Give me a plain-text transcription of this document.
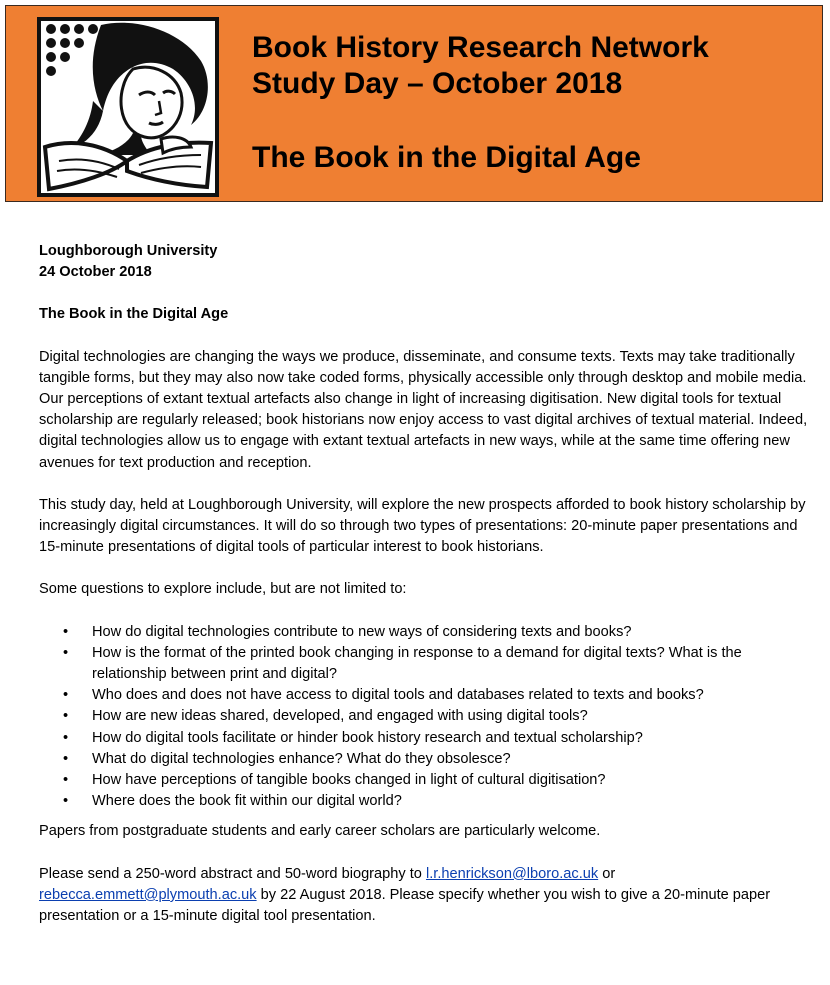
Book History Research Network
Study Day – October 2018
The Book in the Digital Age

Loughborough University
24 October 2018

The Book in the Digital Age

Digital technologies are changing the ways we produce, disseminate, and consume texts. Texts may take traditionally tangible forms, but they may also now take coded forms, physically accessible only through desktop and mobile media. Our perceptions of extant textual artefacts also change in light of increasing digitisation. New digital tools for textual scholarship are regularly released; book historians now enjoy access to vast digital archives of textual material. Indeed, digital technologies allow us to engage with extant textual artefacts in new ways, while at the same time offering new avenues for text production and reception.

This study day, held at Loughborough University, will explore the new prospects afforded to book history scholarship by increasingly digital circumstances. It will do so through two types of presentations: 20-minute paper presentations and 15-minute presentations of digital tools of particular interest to book historians.

Some questions to explore include, but are not limited to:

• How do digital technologies contribute to new ways of considering texts and books?
• How is the format of the printed book changing in response to a demand for digital texts? What is the relationship between print and digital?
• Who does and does not have access to digital tools and databases related to texts and books?
• How are new ideas shared, developed, and engaged with using digital tools?
• How do digital tools facilitate or hinder book history research and textual scholarship?
• What do digital technologies enhance? What do they obsolesce?
• How have perceptions of tangible books changed in light of cultural digitisation?
• Where does the book fit within our digital world?

Papers from postgraduate students and early career scholars are particularly welcome.

Please send a 250-word abstract and 50-word biography to l.r.henrickson@lboro.ac.uk or rebecca.emmett@plymouth.ac.uk by 22 August 2018. Please specify whether you wish to give a 20-minute paper presentation or a 15-minute digital tool presentation.
